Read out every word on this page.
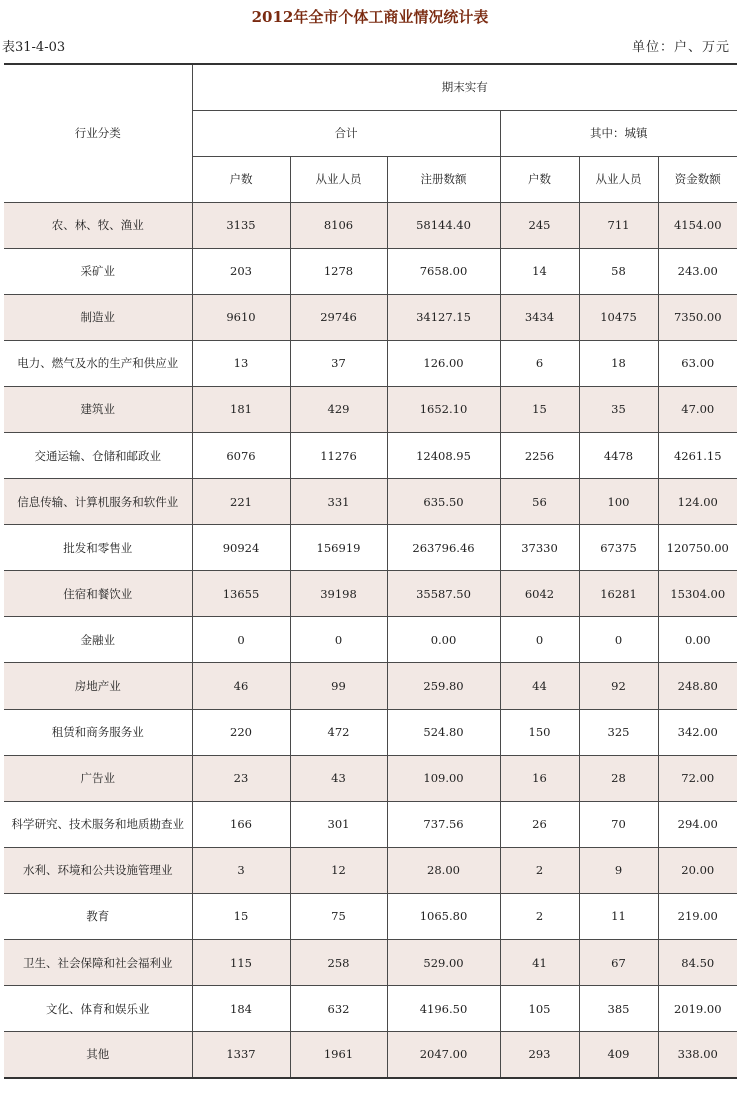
2012年全市个体工商业情况统计表
表31-4-03	单位：户、万元
行业分类	期末实有					
	合计			其中：城镇		
	户数	从业人员	注册数额	户数	从业人员	资金数额
农、林、牧、渔业	3135	8106	58144.40	245	711	4154.00
采矿业	203	1278	7658.00	14	58	243.00
制造业	9610	29746	34127.15	3434	10475	7350.00
电力、燃气及水的生产和供应业	13	37	126.00	6	18	63.00
建筑业	181	429	1652.10	15	35	47.00
交通运输、仓储和邮政业	6076	11276	12408.95	2256	4478	4261.15
信息传输、计算机服务和软件业	221	331	635.50	56	100	124.00
批发和零售业	90924	156919	263796.46	37330	67375	120750.00
住宿和餐饮业	13655	39198	35587.50	6042	16281	15304.00
金融业	0	0	0.00	0	0	0.00
房地产业	46	99	259.80	44	92	248.80
租赁和商务服务业	220	472	524.80	150	325	342.00
广告业	23	43	109.00	16	28	72.00
科学研究、技术服务和地质勘查业	166	301	737.56	26	70	294.00
水利、环境和公共设施管理业	3	12	28.00	2	9	20.00
教育	15	75	1065.80	2	11	219.00
卫生、社会保障和社会福利业	115	258	529.00	41	67	84.50
文化、体育和娱乐业	184	632	4196.50	105	385	2019.00
其他	1337	1961	2047.00	293	409	338.00
